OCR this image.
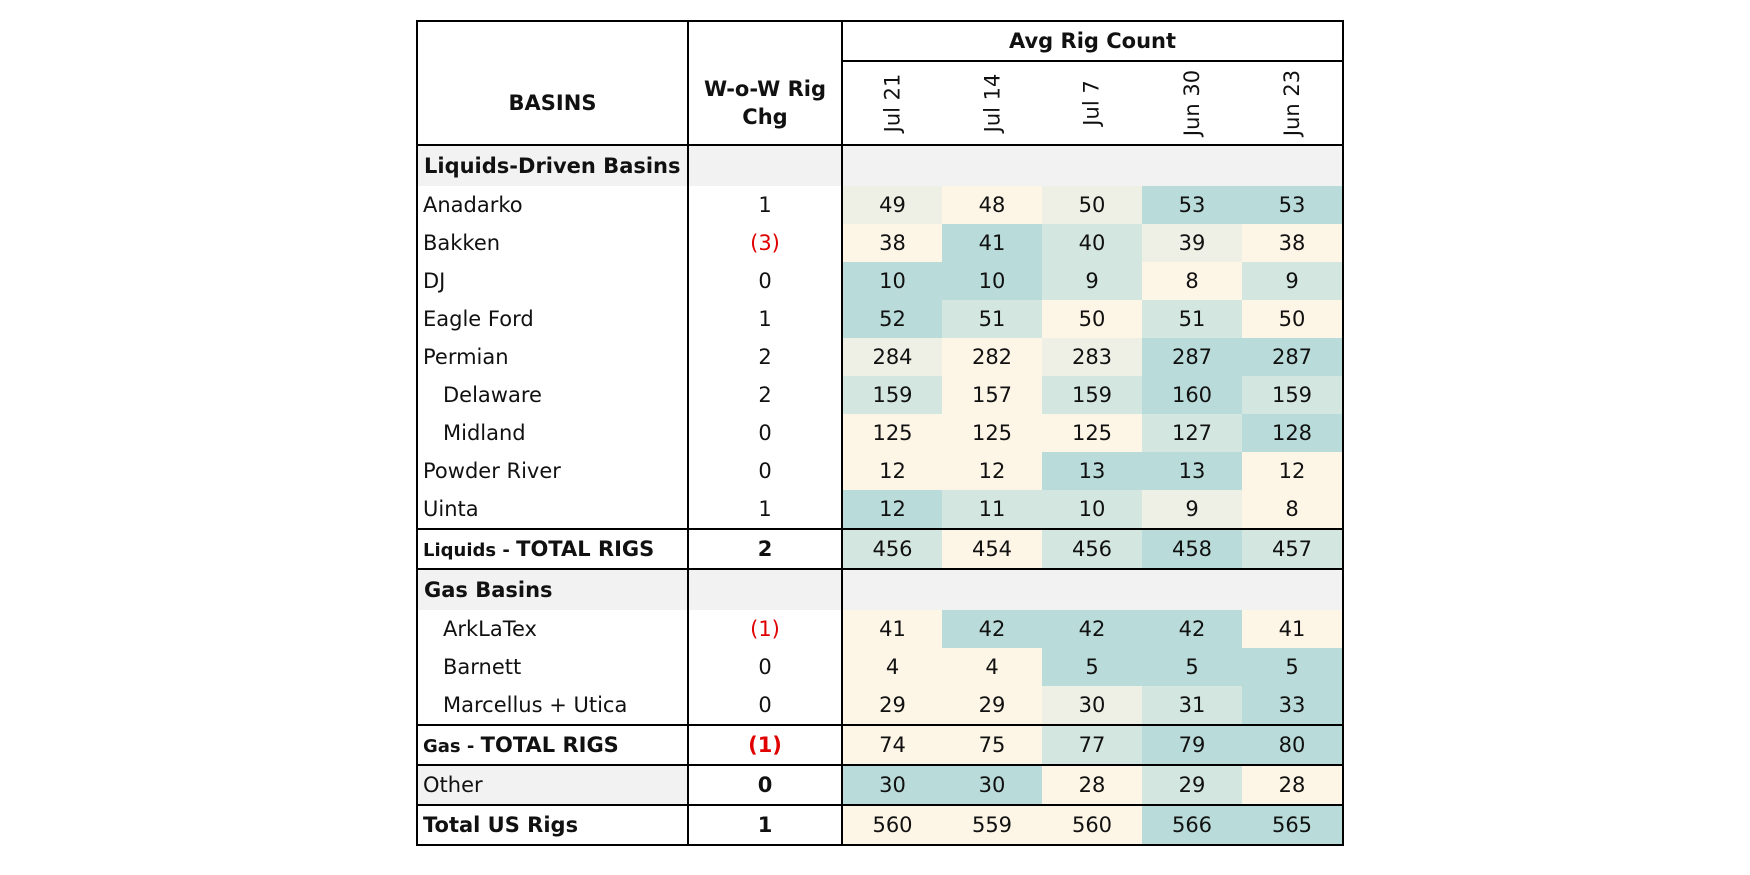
		Avg Rig Count				
BASINS	W-o-W Rig
Chg	Jul 21	Jul 14	Jul 7	Jun 30	Jun 23
Liquids-Driven Basins						
Anadarko	1	49	48	50	53	53
Bakken	(3)	38	41	40	39	38
DJ	0	10	10	9	8	9
Eagle Ford	1	52	51	50	51	50
Permian	2	284	282	283	287	287
Delaware	2	159	157	159	160	159
Midland	0	125	125	125	127	128
Powder River	0	12	12	13	13	12
Uinta	1	12	11	10	9	8
Liquids - TOTAL RIGS	2	456	454	456	458	457
Gas Basins						
ArkLaTex	(1)	41	42	42	42	41
Barnett	0	4	4	5	5	5
Marcellus + Utica	0	29	29	30	31	33
Gas - TOTAL RIGS	(1)	74	75	77	79	80
Other	0	30	30	28	29	28
Total US Rigs	1	560	559	560	566	565
